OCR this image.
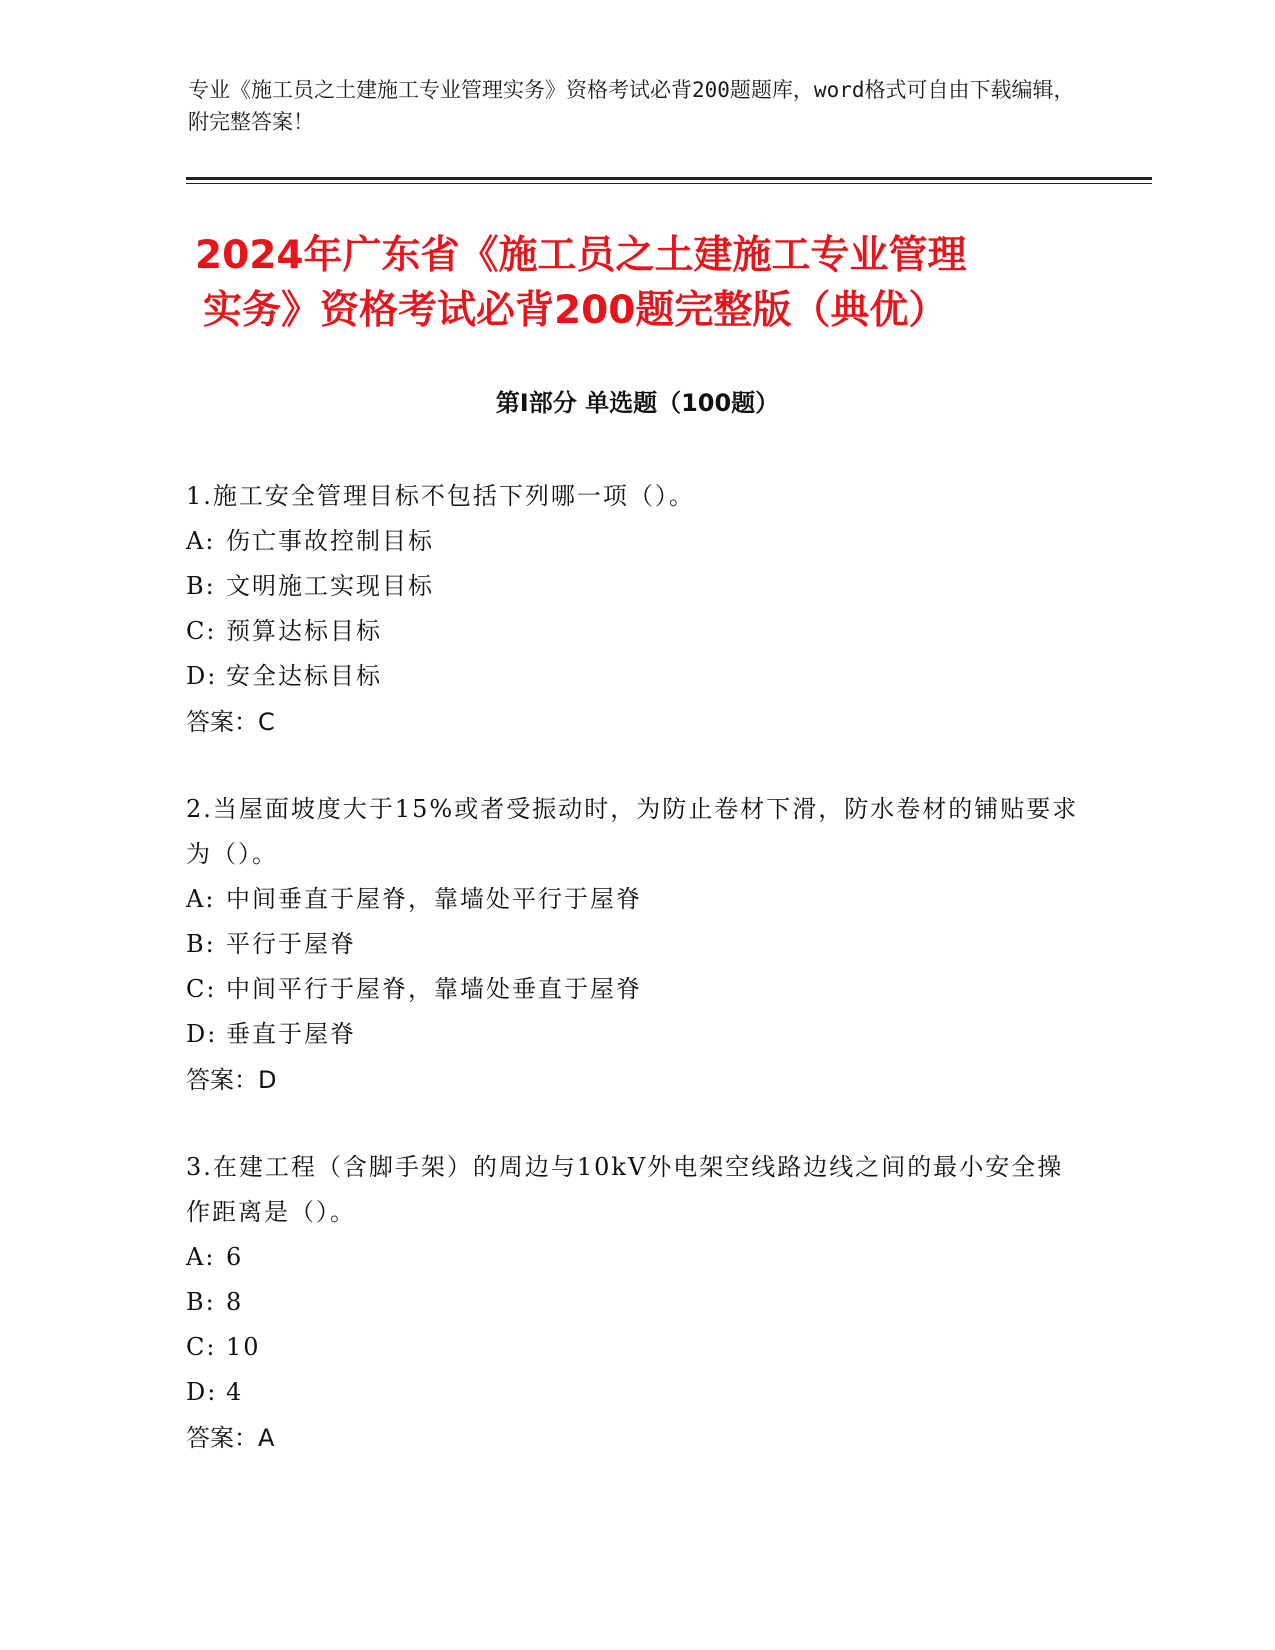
专业《施工员之土建施工专业管理实务》资格考试必背200题题库，word格式可自由下载编辑，附完整答案！
2024年广东省《施工员之土建施工专业管理
实务》资格考试必背200题完整版（典优）
第Ⅰ部分 单选题（100题）
1.施工安全管理目标不包括下列哪一项（）。
A: 伤亡事故控制目标
B: 文明施工实现目标
C: 预算达标目标
D: 安全达标目标
答案：C
2.当屋面坡度大于15%或者受振动时，为防止卷材下滑，防水卷材的铺贴要求为（）。
A: 中间垂直于屋脊，靠墙处平行于屋脊
B: 平行于屋脊
C: 中间平行于屋脊，靠墙处垂直于屋脊
D: 垂直于屋脊
答案：D
3.在建工程（含脚手架）的周边与10kV外电架空线路边线之间的最小安全操作距离是（）。
A: 6
B: 8
C: 10
D: 4
答案：A
